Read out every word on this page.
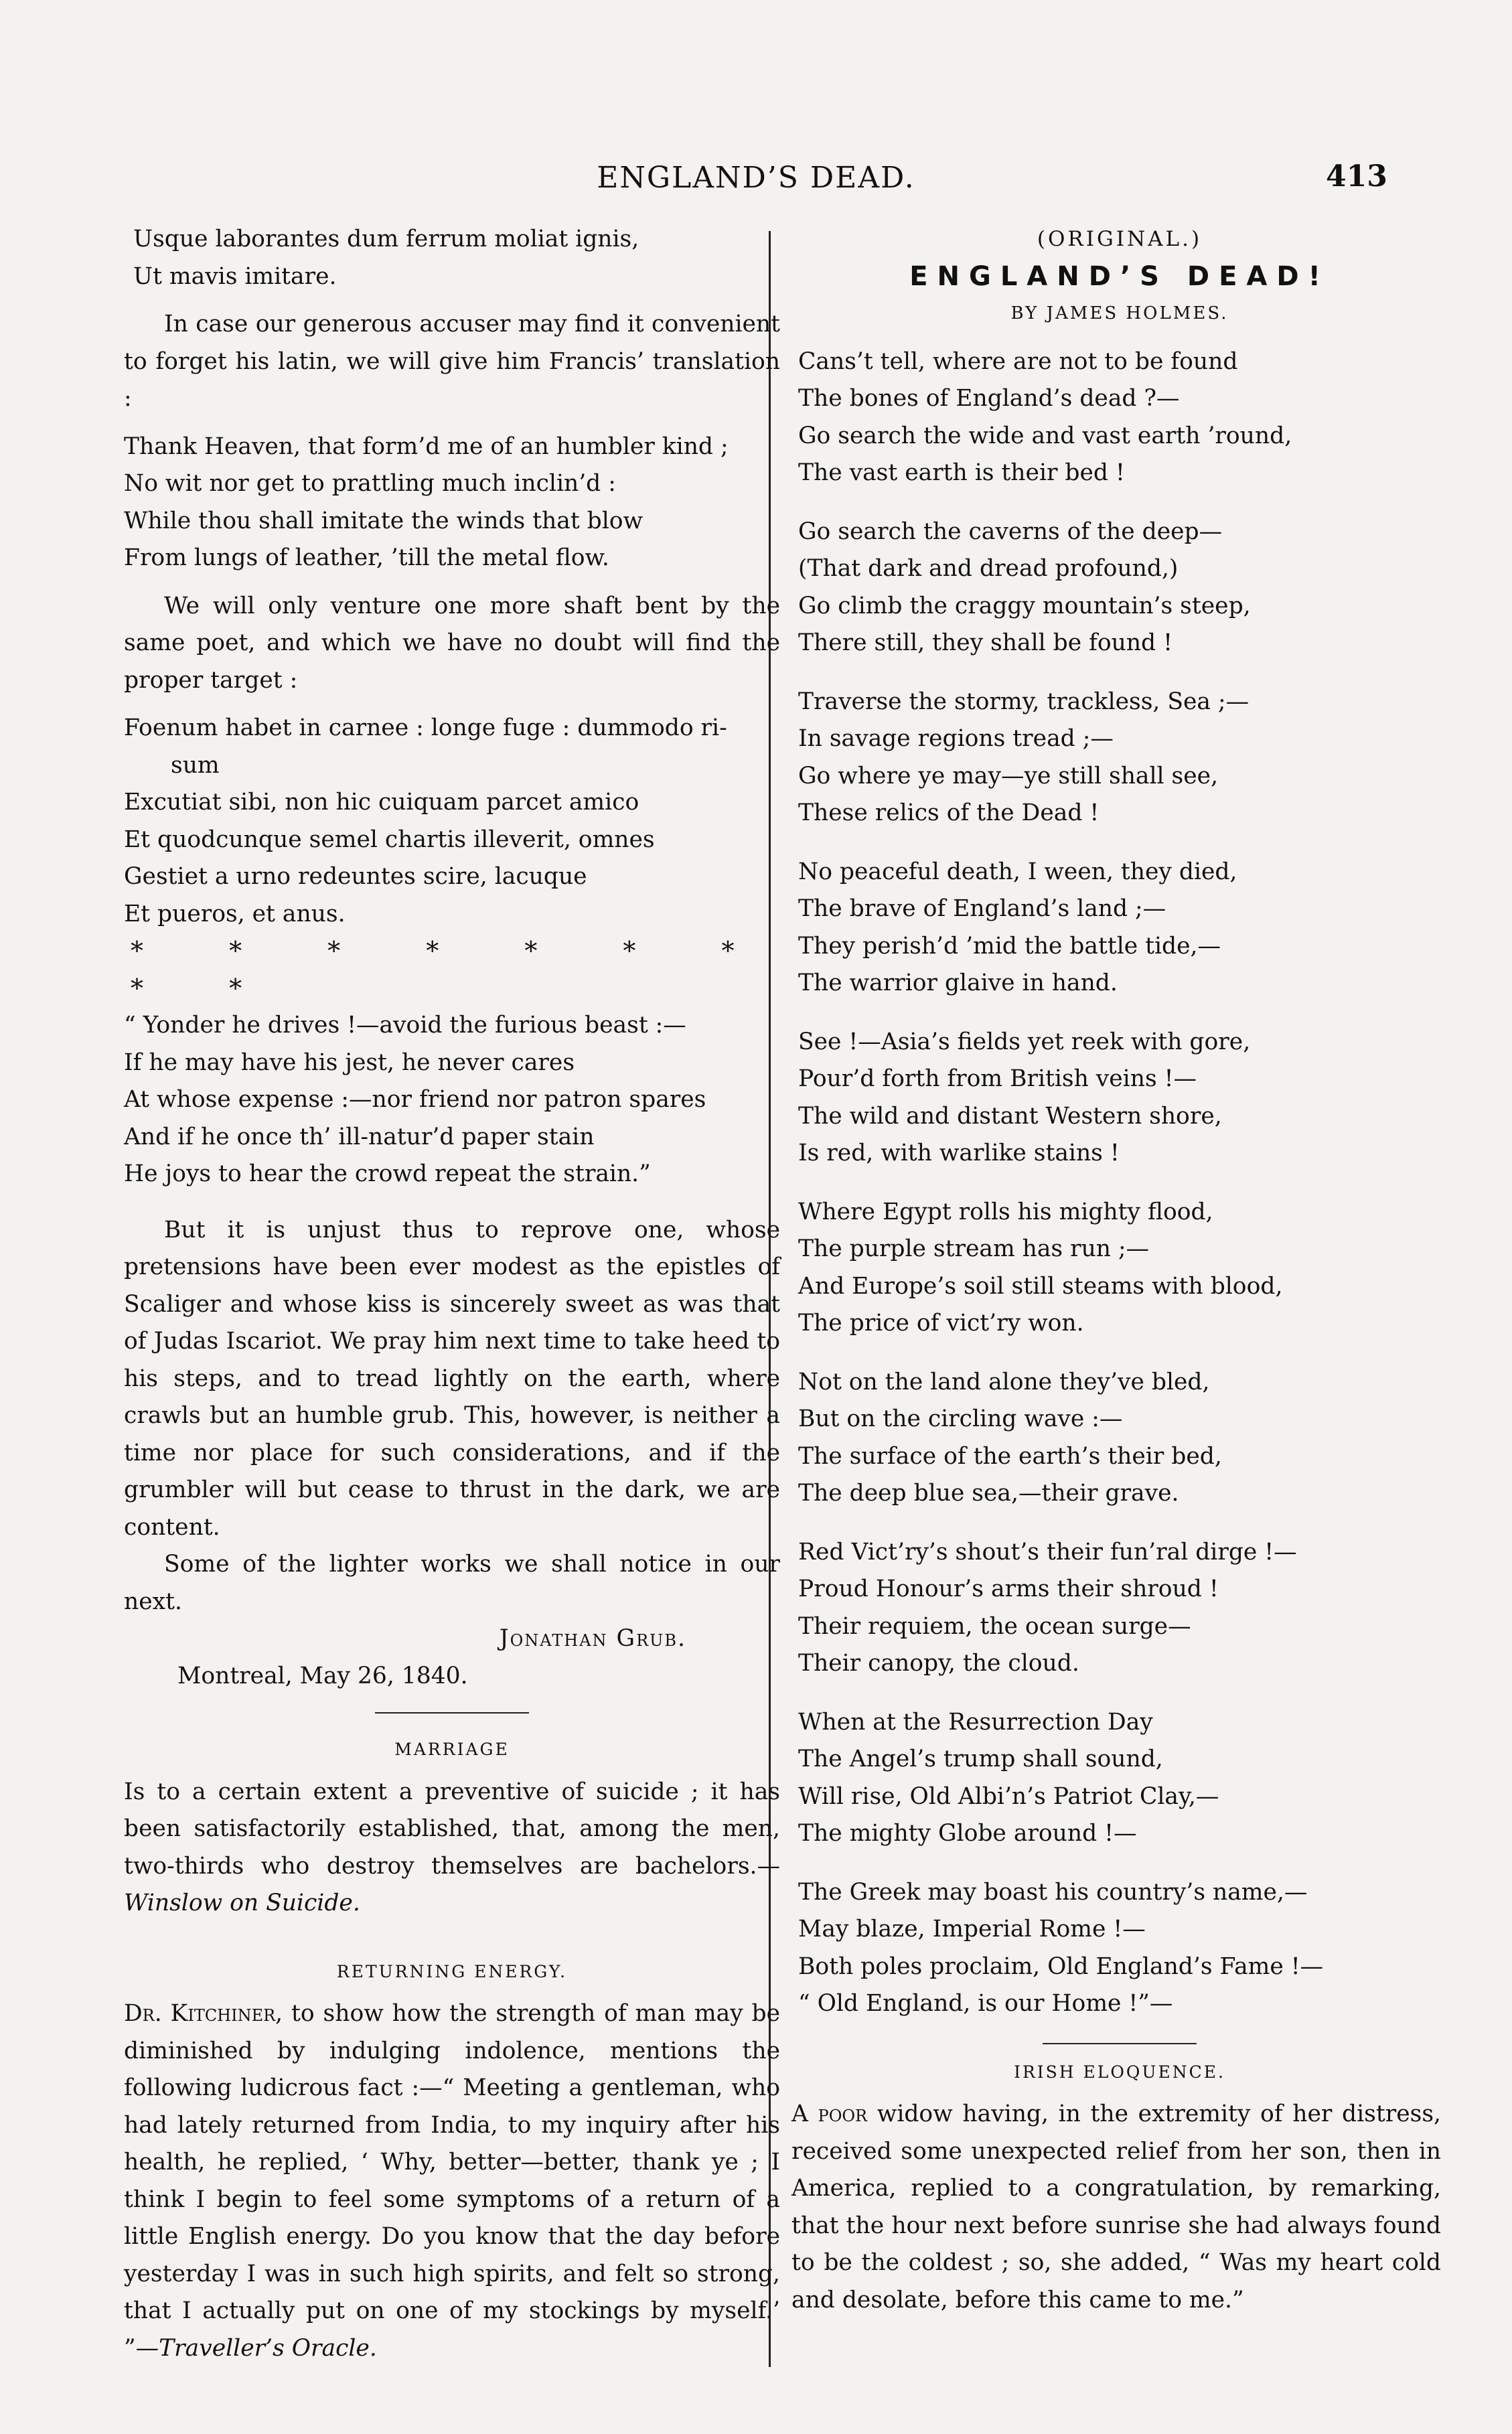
ENGLAND’S DEAD.	413

Usque laborantes dum ferrum moliat ignis,

Ut mavis imitare.

In case our generous accuser may find it convenient to forget his latin, we will give him Francis’ translation :

Thank Heaven, that form’d me of an humbler kind ;

No wit nor get to prattling much inclin’d :

While thou shall imitate the winds that blow

From lungs of leather, ’till the metal flow.

We will only venture one more shaft bent by the same poet, and which we have no doubt will find the proper target :

Foenum habet in carnee : longe fuge : dummodo ri-

sum

Excutiat sibi, non hic cuiquam parcet amico

Et quodcunque semel chartis illeverit, omnes

Gestiet a urno redeuntes scire, lacuque

Et pueros, et anus.

* * * * * * * * *

“ Yonder he drives !—avoid the furious beast :—

If he may have his jest, he never cares

At whose expense :—nor friend nor patron spares

And if he once th’ ill-natur’d paper stain

He joys to hear the crowd repeat the strain.”

But it is unjust thus to reprove one, whose pretensions have been ever modest as the epistles of Scaliger and whose kiss is sincerely sweet as was that of Judas Iscariot. We pray him next time to take heed to his steps, and to tread lightly on the earth, where crawls but an humble grub. This, however, is neither a time nor place for such considerations, and if the grumbler will but cease to thrust in the dark, we are content.

Some of the lighter works we shall notice in our next.

Jonathan Grub.

Montreal, May 26, 1840.

MARRIAGE

Is to a certain extent a preventive of suicide ; it has been satisfactorily established, that, among the men, two-thirds who destroy themselves are bachelors.— Winslow on Suicide.

RETURNING ENERGY.

Dr. Kitchiner, to show how the strength of man may be diminished by indulging indolence, mentions the following ludicrous fact :—“ Meeting a gentleman, who had lately returned from India, to my inquiry after his health, he replied, ‘ Why, better—better, thank ye ; I think I begin to feel some symptoms of a return of a little English energy. Do you know that the day before yesterday I was in such high spirits, and felt so strong, that I actually put on one of my stockings by myself.’ ”—Traveller’s Oracle.

(ORIGINAL.)

ENGLAND’S DEAD!

BY JAMES HOLMES.

Cans’t tell, where are not to be found

The bones of England’s dead ?—

Go search the wide and vast earth ’round,

The vast earth is their bed !

Go search the caverns of the deep—

(That dark and dread profound,)

Go climb the craggy mountain’s steep,

There still, they shall be found !

Traverse the stormy, trackless, Sea ;—

In savage regions tread ;—

Go where ye may—ye still shall see,

These relics of the Dead !

No peaceful death, I ween, they died,

The brave of England’s land ;—

They perish’d ’mid the battle tide,—

The warrior glaive in hand.

See !—Asia’s fields yet reek with gore,

Pour’d forth from British veins !—

The wild and distant Western shore,

Is red, with warlike stains !

Where Egypt rolls his mighty flood,

The purple stream has run ;—

And Europe’s soil still steams with blood,

The price of vict’ry won.

Not on the land alone they’ve bled,

But on the circling wave :—

The surface of the earth’s their bed,

The deep blue sea,—their grave.

Red Vict’ry’s shout’s their fun’ral dirge !—

Proud Honour’s arms their shroud !

Their requiem, the ocean surge—

Their canopy, the cloud.

When at the Resurrection Day

The Angel’s trump shall sound,

Will rise, Old Albi’n’s Patriot Clay,—

The mighty Globe around !—

The Greek may boast his country’s name,—

May blaze, Imperial Rome !—

Both poles proclaim, Old England’s Fame !—

“ Old England, is our Home !”—

IRISH ELOQUENCE.

A poor widow having, in the extremity of her distress, received some unexpected relief from her son, then in America, replied to a congratulation, by remarking, that the hour next before sunrise she had always found to be the coldest ; so, she added, “ Was my heart cold and desolate, before this came to me.”
